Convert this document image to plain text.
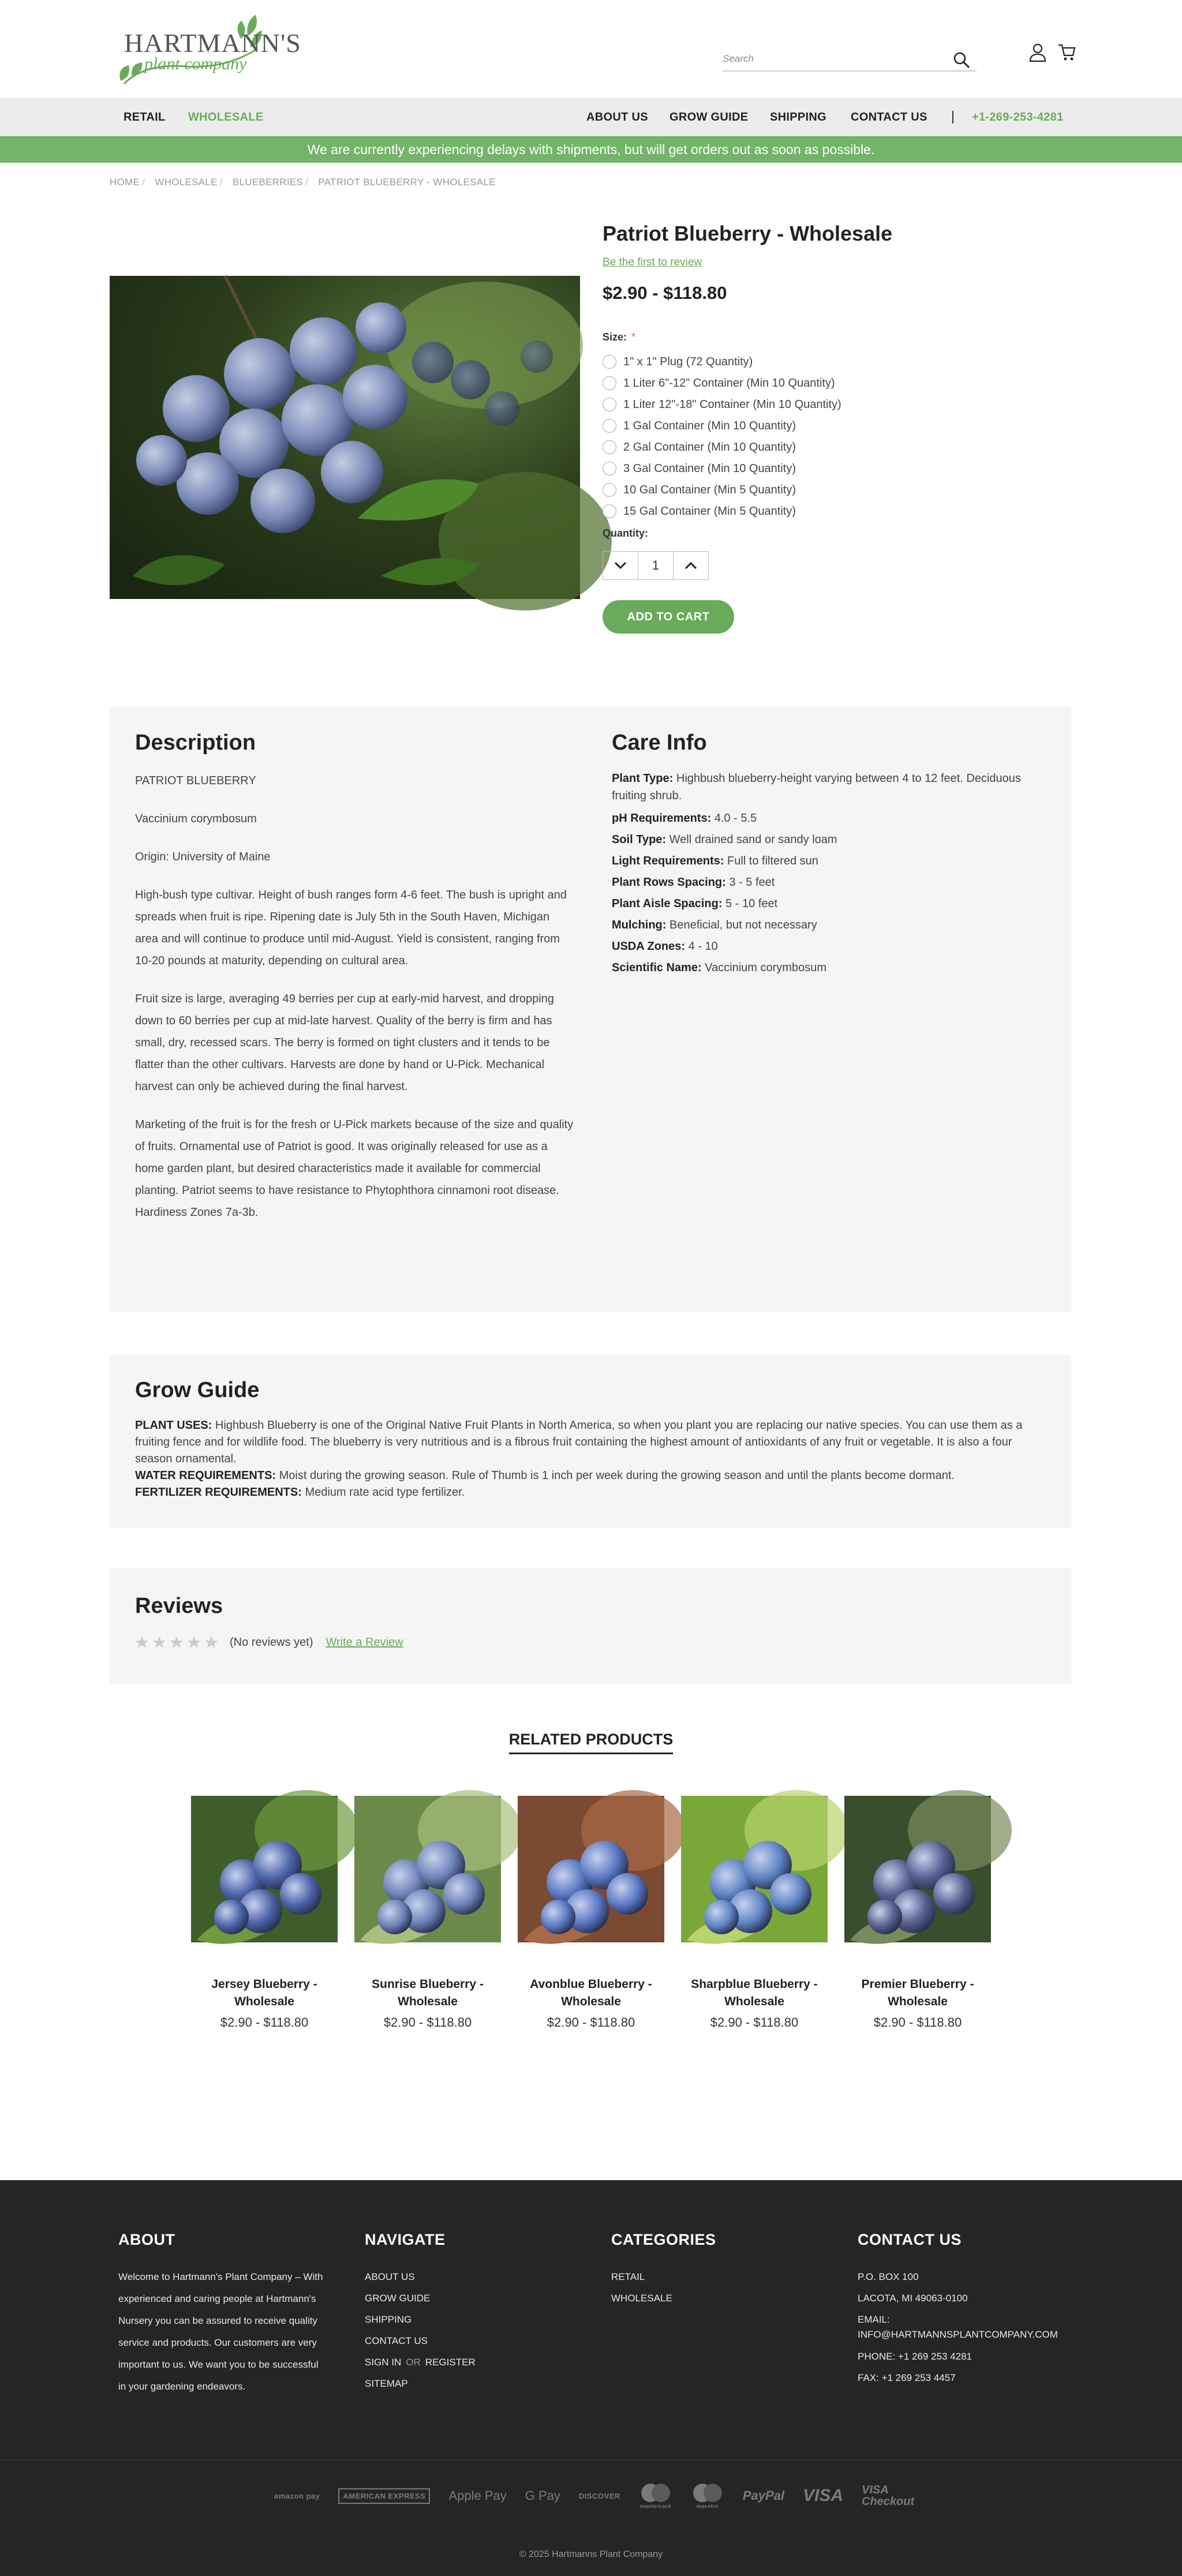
HARTMANN'S
plant company
Search
RETAIL WHOLESALE	ABOUT US GROW GUIDE SHIPPING CONTACT US	+1-269-253-4281
We are currently experiencing delays with shipments, but will get orders out as soon as possible.
HOME / WHOLESALE / BLUEBERRIES / PATRIOT BLUEBERRY - WHOLESALE
Patriot Blueberry - Wholesale
Be the first to review
$2.90 - $118.80
Size: *
1" x 1" Plug (72 Quantity)
1 Liter 6"-12" Container (Min 10 Quantity)
1 Liter 12"-18" Container (Min 10 Quantity)
1 Gal Container (Min 10 Quantity)
2 Gal Container (Min 10 Quantity)
3 Gal Container (Min 10 Quantity)
10 Gal Container (Min 5 Quantity)
15 Gal Container (Min 5 Quantity)
Quantity:
1
ADD TO CART
Description

PATRIOT BLUEBERRY

Vaccinium corymbosum

Origin: University of Maine

High-bush type cultivar. Height of bush ranges form 4-6 feet. The bush is upright and spreads when fruit is ripe. Ripening date is July 5th in the South Haven, Michigan area and will continue to produce until mid-August. Yield is consistent, ranging from 10-20 pounds at maturity, depending on cultural area.

Fruit size is large, averaging 49 berries per cup at early-mid harvest, and dropping down to 60 berries per cup at mid-late harvest. Quality of the berry is firm and has small, dry, recessed scars. The berry is formed on tight clusters and it tends to be flatter than the other cultivars. Harvests are done by hand or U-Pick. Mechanical harvest can only be achieved during the final harvest.

Marketing of the fruit is for the fresh or U-Pick markets because of the size and quality of fruits. Ornamental use of Patriot is good. It was originally released for use as a home garden plant, but desired characteristics made it available for commercial planting. Patriot seems to have resistance to Phytophthora cinnamoni root disease. Hardiness Zones 7a-3b.

Care Info
Plant Type: Highbush blueberry-height varying between 4 to 12 feet. Deciduous fruiting shrub.
pH Requirements: 4.0 - 5.5
Soil Type: Well drained sand or sandy loam
Light Requirements: Full to filtered sun
Plant Rows Spacing: 3 - 5 feet
Plant Aisle Spacing: 5 - 10 feet
Mulching: Beneficial, but not necessary
USDA Zones: 4 - 10
Scientific Name: Vaccinium corymbosum
Grow Guide
PLANT USES: Highbush Blueberry is one of the Original Native Fruit Plants in North America, so when you plant you are replacing our native species. You can use them as a fruiting fence and for wildlife food. The blueberry is very nutritious and is a fibrous fruit containing the highest amount of antioxidants of any fruit or vegetable. It is also a four season ornamental.
WATER REQUIREMENTS: Moist during the growing season. Rule of Thumb is 1 inch per week during the growing season and until the plants become dormant.
FERTILIZER REQUIREMENTS: Medium rate acid type fertilizer.
Reviews
(No reviews yet) Write a Review
RELATED PRODUCTS
Jersey Blueberry - Wholesale
$2.90 - $118.80
Sunrise Blueberry - Wholesale
$2.90 - $118.80
Avonblue Blueberry - Wholesale
$2.90 - $118.80
Sharpblue Blueberry - Wholesale
$2.90 - $118.80
Premier Blueberry - Wholesale
$2.90 - $118.80
ABOUT
Welcome to Hartmann's Plant Company – With experienced and caring people at Hartmann's Nursery you can be assured to receive quality service and products. Our customers are very important to us. We want you to be successful in your gardening endeavors.
NAVIGATE
ABOUT US
GROW GUIDE
SHIPPING
CONTACT US
SIGN IN OR REGISTER
SITEMAP
CATEGORIES
RETAIL
WHOLESALE
CONTACT US
P.O. BOX 100
LACOTA, MI 49063-0100
EMAIL:
INFO@HARTMANNSPLANTCOMPANY.COM
PHONE: +1 269 253 4281
FAX: +1 269 253 4457
amazon pay	AMERICAN EXPRESS	Apple Pay G Pay DISCOVER
mastercard	maestro
PayPal VISA VISA Checkout
© 2025 Hartmanns Plant Company
